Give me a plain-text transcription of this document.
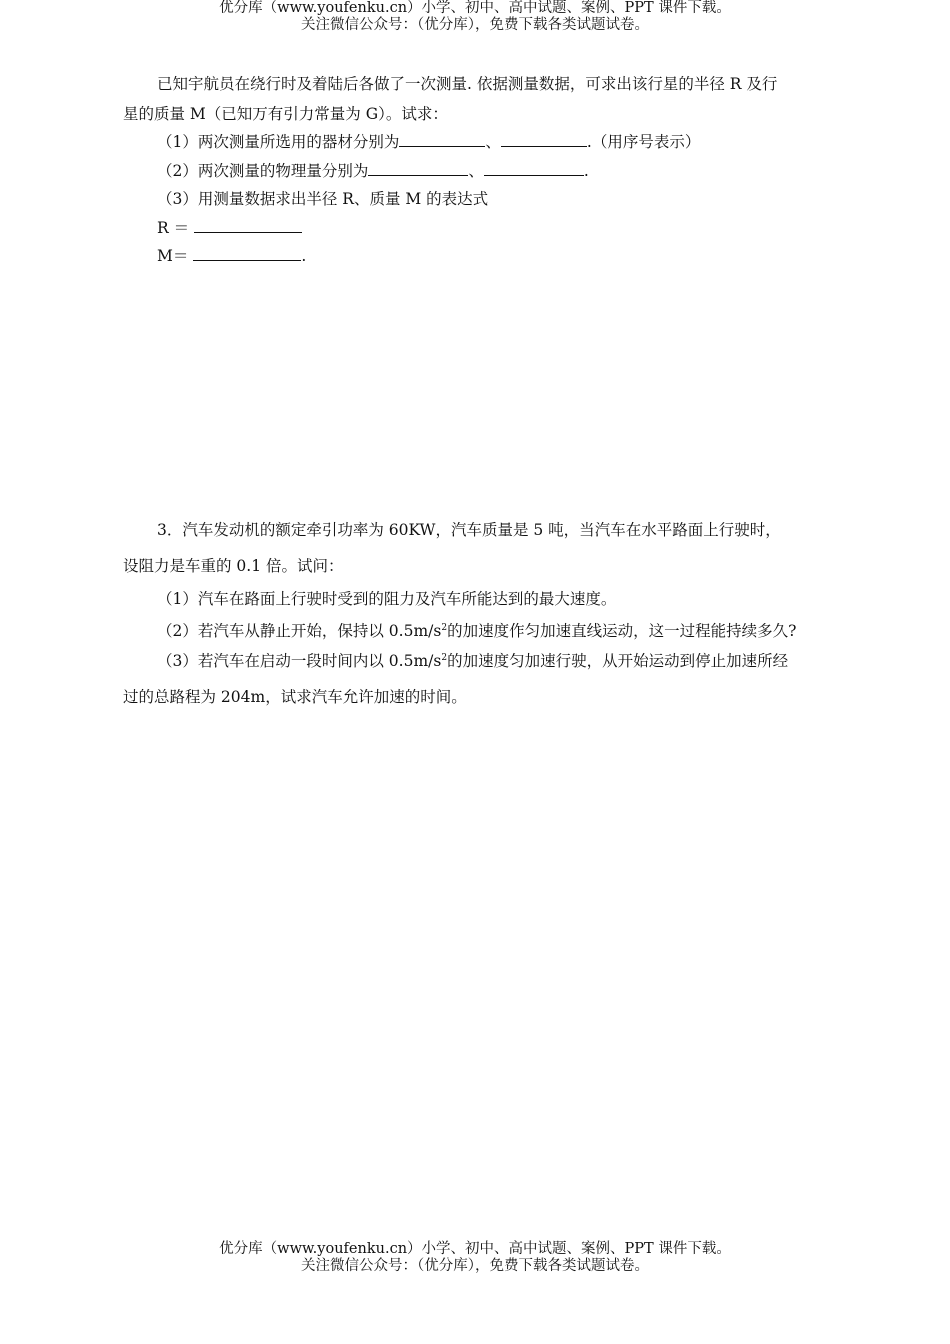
优分库（www.youfenku.cn）小学、初中、高中试题、案例、PPT 课件下载。
关注微信公众号：（优分库），免费下载各类试题试卷。
已知宇航员在绕行时及着陆后各做了一次测量. 依据测量数据，可求出该行星的半径 R 及行
星的质量 M（已知万有引力常量为 G）。试求：
（1）两次测量所选用的器材分别为	、	.（用序号表示）
（2）两次测量的物理量分别为	、	.
（3）用测量数据求出半径 R、质量 M 的表达式
R ＝
M＝	.
3．汽车发动机的额定牵引功率为 60KW，汽车质量是 5 吨，当汽车在水平路面上行驶时，
设阻力是车重的 0.1 倍。试问：
（1）汽车在路面上行驶时受到的阻力及汽车所能达到的最大速度。
（2）若汽车从静止开始，保持以 $0.5m/s^2$的加速度作匀加速直线运动，这一过程能持续多久?
（3）若汽车在启动一段时间内以 $0.5m/s^2$的加速度匀加速行驶，从开始运动到停止加速所经
过的总路程为 204m，试求汽车允许加速的时间。
优分库（www.youfenku.cn）小学、初中、高中试题、案例、PPT 课件下载。
关注微信公众号：（优分库），免费下载各类试题试卷。
